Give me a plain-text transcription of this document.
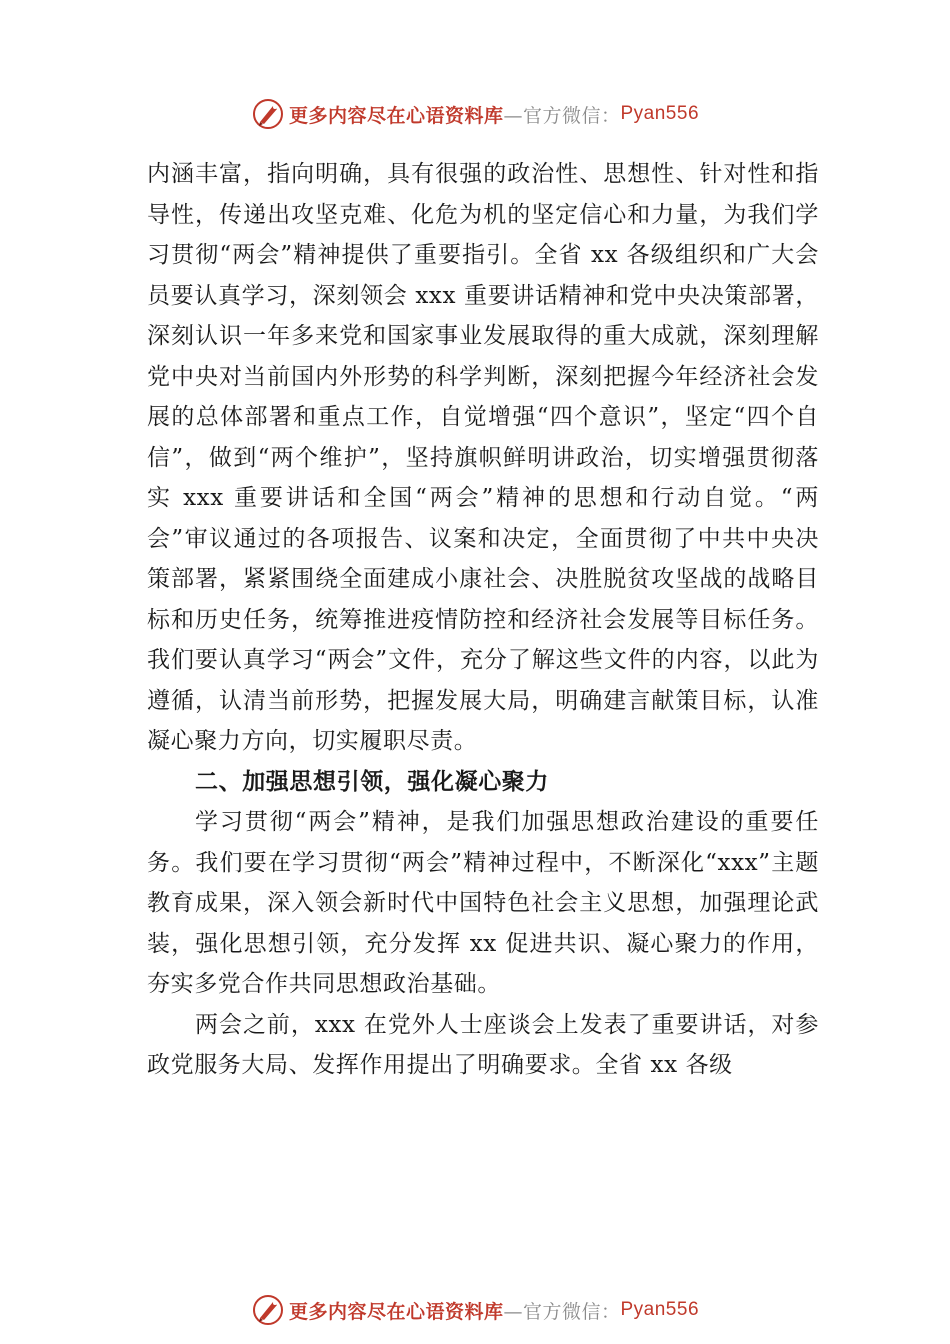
更多内容尽在心语资料库 —官方微信： Pyan556

内涵丰富，指向明确，具有很强的政治性、思想性、针对性和指导性，传递出攻坚克难、化危为机的坚定信心和力量，为我们学习贯彻“两会”精神提供了重要指引。全省 xx 各级组织和广大会员要认真学习，深刻领会 xxx 重要讲话精神和党中央决策部署，深刻认识一年多来党和国家事业发展取得的重大成就，深刻理解党中央对当前国内外形势的科学判断，深刻把握今年经济社会发展的总体部署和重点工作，自觉增强“四个意识”，坚定“四个自信”，做到“两个维护”，坚持旗帜鲜明讲政治，切实增强贯彻落实 xxx 重要讲话和全国“两会”精神的思想和行动自觉。“两会”审议通过的各项报告、议案和决定，全面贯彻了中共中央决策部署，紧紧围绕全面建成小康社会、决胜脱贫攻坚战的战略目标和历史任务，统筹推进疫情防控和经济社会发展等目标任务。我们要认真学习“两会”文件，充分了解这些文件的内容，以此为遵循，认清当前形势，把握发展大局，明确建言献策目标，认准凝心聚力方向，切实履职尽责。

二、加强思想引领，强化凝心聚力

学习贯彻“两会”精神，是我们加强思想政治建设的重要任务。我们要在学习贯彻“两会”精神过程中，不断深化“xxx”主题教育成果，深入领会新时代中国特色社会主义思想，加强理论武装，强化思想引领，充分发挥 xx 促进共识、凝心聚力的作用，夯实多党合作共同思想政治基础。

两会之前，xxx 在党外人士座谈会上发表了重要讲话，对参政党服务大局、发挥作用提出了明确要求。全省 xx 各级

更多内容尽在心语资料库 —官方微信： Pyan556
